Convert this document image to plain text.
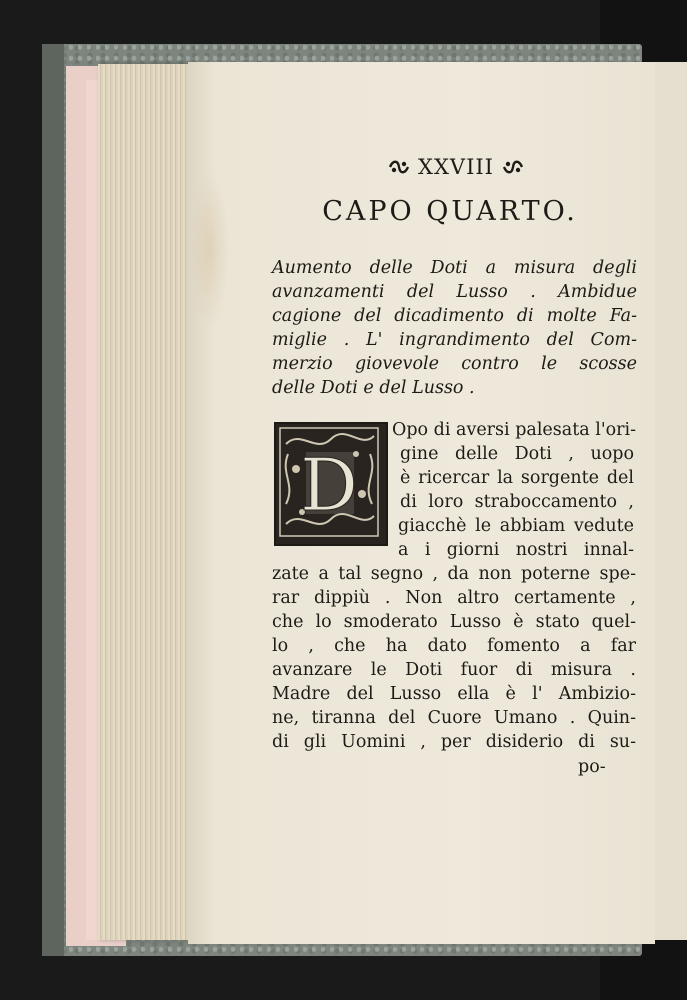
XXVIII
CAPO QUARTO.
Aumento delle Doti a misura degli
avanzamenti del Lusso . Ambidue
cagione del dicadimento di molte Fa-
miglie . L' ingrandimento del Com-
merzio giovevole contro le scosse
delle Doti e del Lusso .
D
Opo di aversi palesata l'ori-
gine delle Doti , uopo
è ricercar la sorgente del
di loro straboccamento ,
giacchè le abbiam vedute
a i giorni nostri innal-
zate a tal segno , da non poterne spe-
rar dippiù . Non altro certamente ,
che lo smoderato Lusso è stato quel-
lo , che ha dato fomento a far
avanzare le Doti fuor di misura .
Madre del Lusso ella è l' Ambizio-
ne, tiranna del Cuore Umano . Quin-
di gli Uomini , per disiderio di su-
po-
